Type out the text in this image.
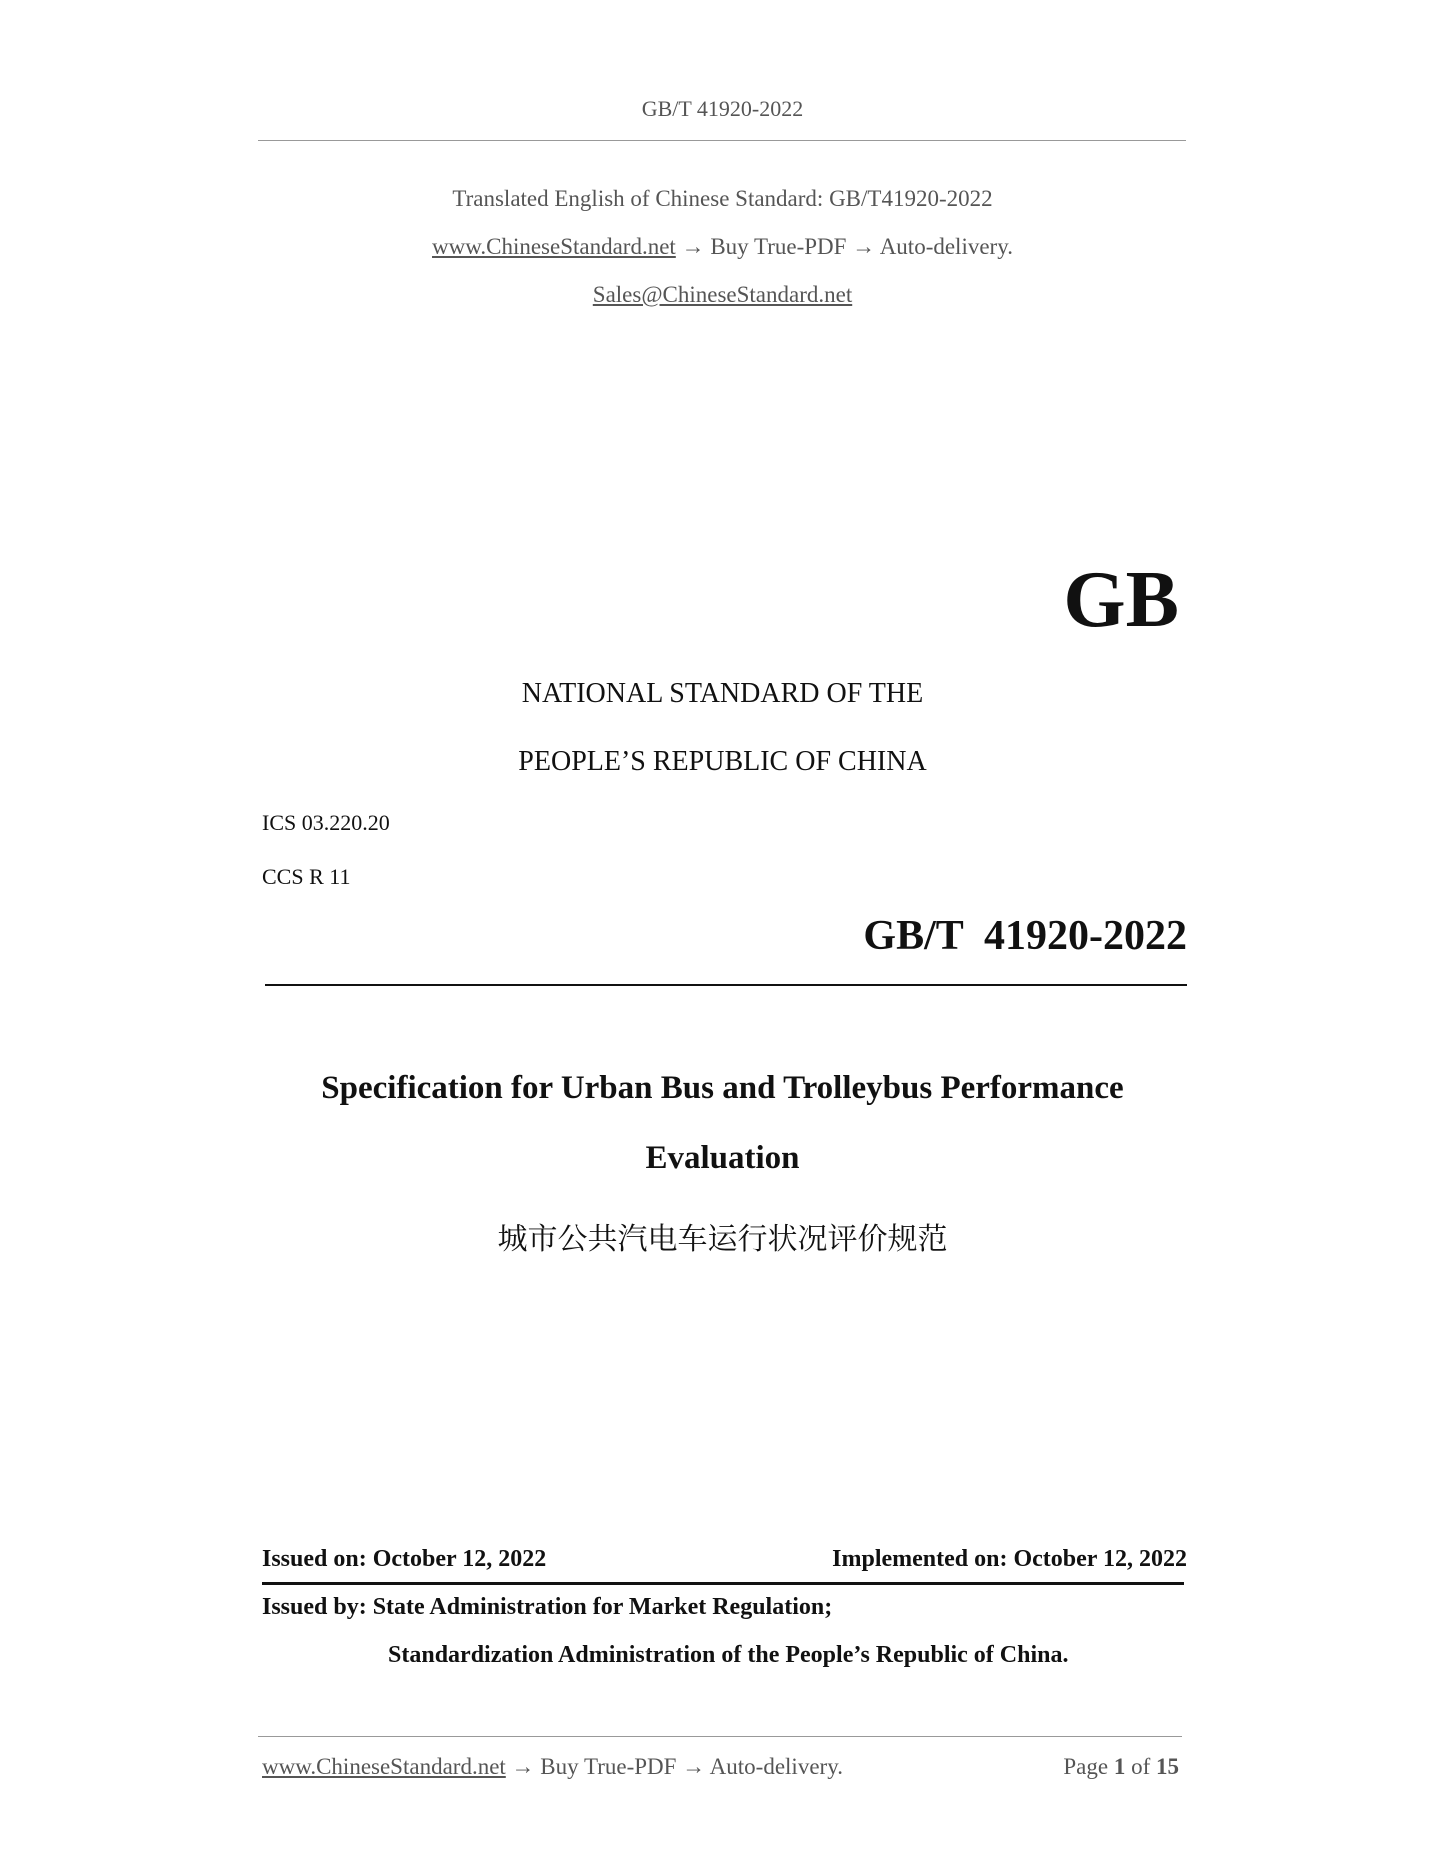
GB/T 41920-2022
Translated English of Chinese Standard: GB/T41920-2022
www.ChineseStandard.net → Buy True-PDF → Auto-delivery.
Sales@ChineseStandard.net
GB
NATIONAL STANDARD OF THE
PEOPLE’S REPUBLIC OF CHINA
ICS 03.220.20
CCS R 11
GB/T  41920-2022
Specification for Urban Bus and Trolleybus Performance
Evaluation
城市公共汽电车运行状况评价规范
Issued on: October 12, 2022	Implemented on: October 12, 2022
Issued by: State Administration for Market Regulation;
Standardization Administration of the People’s Republic of China.
www.ChineseStandard.net → Buy True-PDF → Auto-delivery.	Page 1 of 15
